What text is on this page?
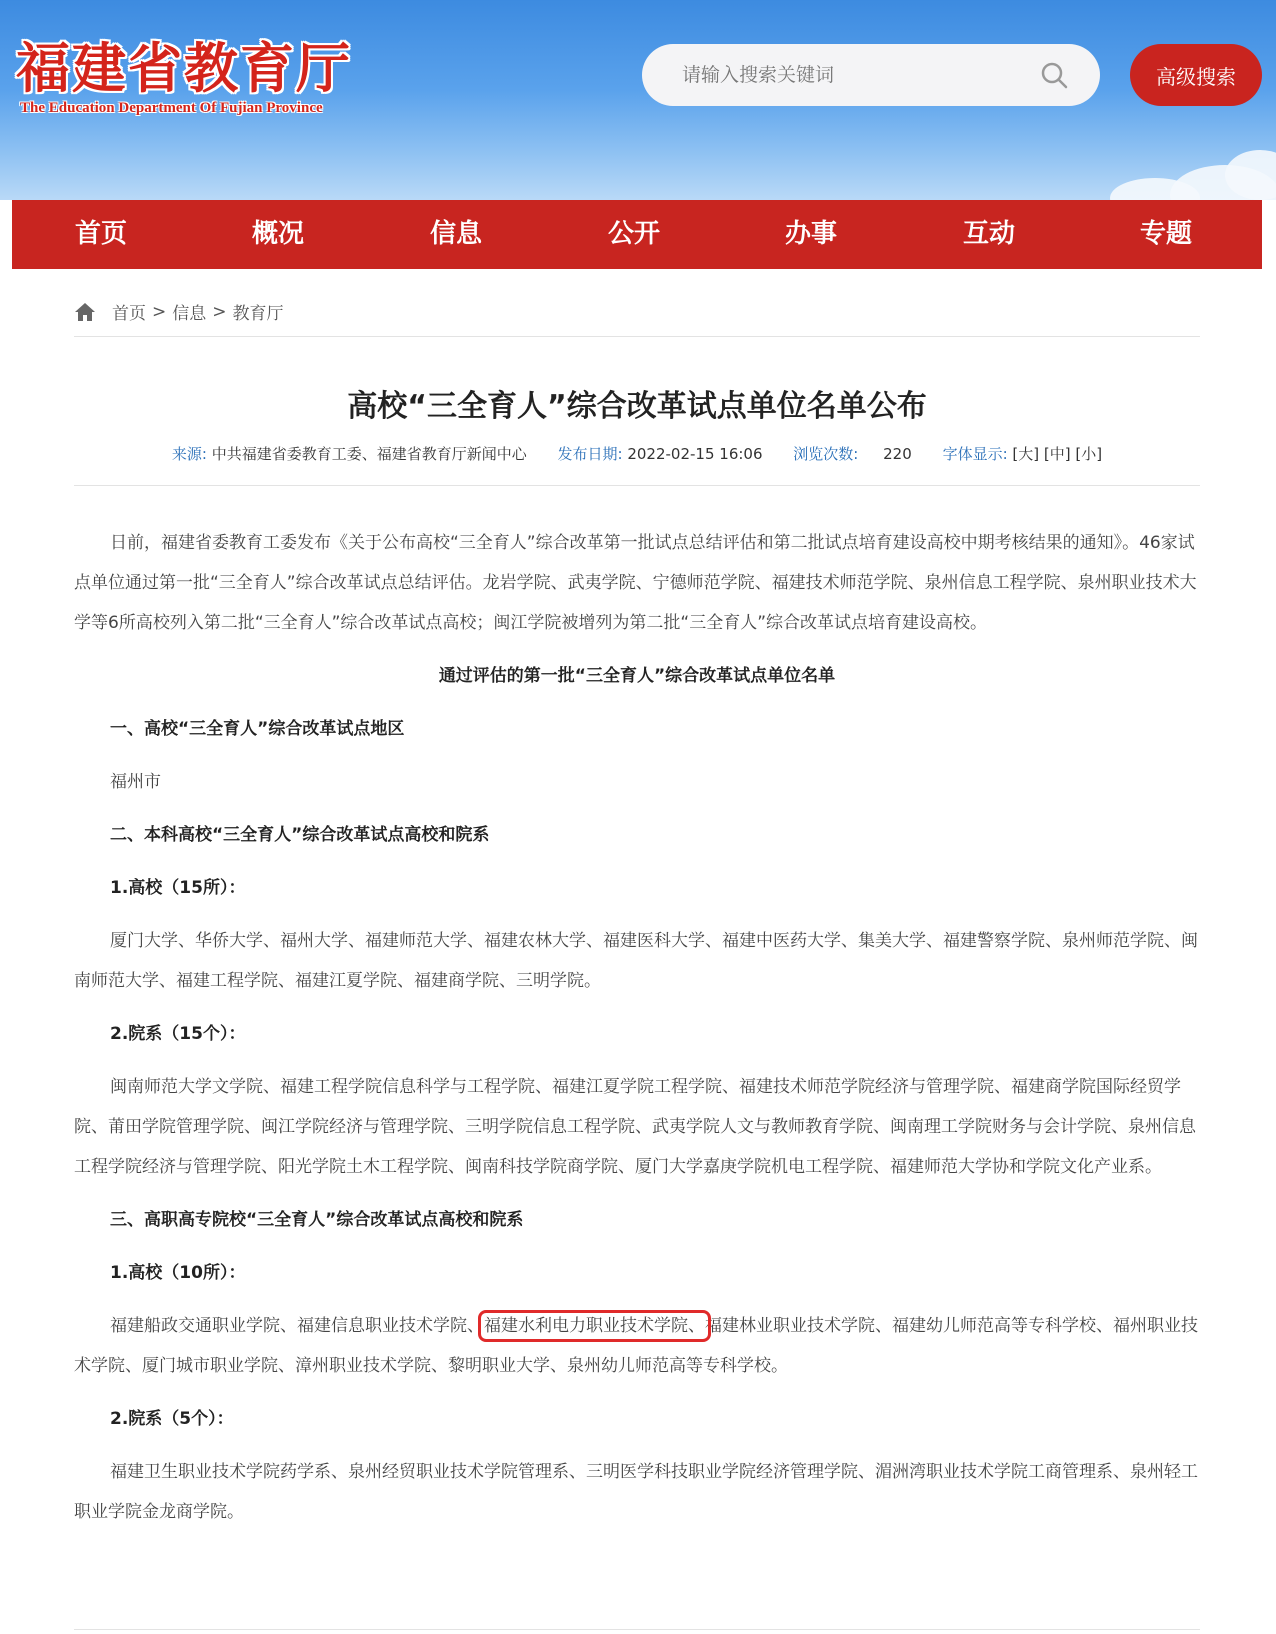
福建省教育厅
The Education Department Of Fujian Province
请输入搜索关键词
高级搜索
首页	概况	信息	公开	办事	互动	专题
首页 > 信息 > 教育厅
高校“三全育人”综合改革试点单位名单公布
来源: 中共福建省委教育工委、福建省教育厅新闻中心 发布日期: 2022-02-15 16:06 浏览次数: 220 字体显示: [大] [中] [小]

日前，福建省委教育工委发布《关于公布高校“三全育人”综合改革第一批试点总结评估和第二批试点培育建设高校中期考核结果的通知》。46家试点单位通过第一批“三全育人”综合改革试点总结评估。龙岩学院、武夷学院、宁德师范学院、福建技术师范学院、泉州信息工程学院、泉州职业技术大学等6所高校列入第二批“三全育人”综合改革试点高校；闽江学院被增列为第二批“三全育人”综合改革试点培育建设高校。

通过评估的第一批“三全育人”综合改革试点单位名单

一、高校“三全育人”综合改革试点地区

福州市

二、本科高校“三全育人”综合改革试点高校和院系

1.高校（15所）：

厦门大学、华侨大学、福州大学、福建师范大学、福建农林大学、福建医科大学、福建中医药大学、集美大学、福建警察学院、泉州师范学院、闽南师范大学、福建工程学院、福建江夏学院、福建商学院、三明学院。

2.院系（15个）：

闽南师范大学文学院、福建工程学院信息科学与工程学院、福建江夏学院工程学院、福建技术师范学院经济与管理学院、福建商学院国际经贸学院、莆田学院管理学院、闽江学院经济与管理学院、三明学院信息工程学院、武夷学院人文与教师教育学院、闽南理工学院财务与会计学院、泉州信息工程学院经济与管理学院、阳光学院土木工程学院、闽南科技学院商学院、厦门大学嘉庚学院机电工程学院、福建师范大学协和学院文化产业系。

三、高职高专院校“三全育人”综合改革试点高校和院系

1.高校（10所）：

福建船政交通职业学院、福建信息职业技术学院、福建水利电力职业技术学院、福建林业职业技术学院、福建幼儿师范高等专科学校、福州职业技术学院、厦门城市职业学院、漳州职业技术学院、黎明职业大学、泉州幼儿师范高等专科学校。

2.院系（5个）：

福建卫生职业技术学院药学系、泉州经贸职业技术学院管理系、三明医学科技职业学院经济管理学院、湄洲湾职业技术学院工商管理系、泉州轻工职业学院金龙商学院。
